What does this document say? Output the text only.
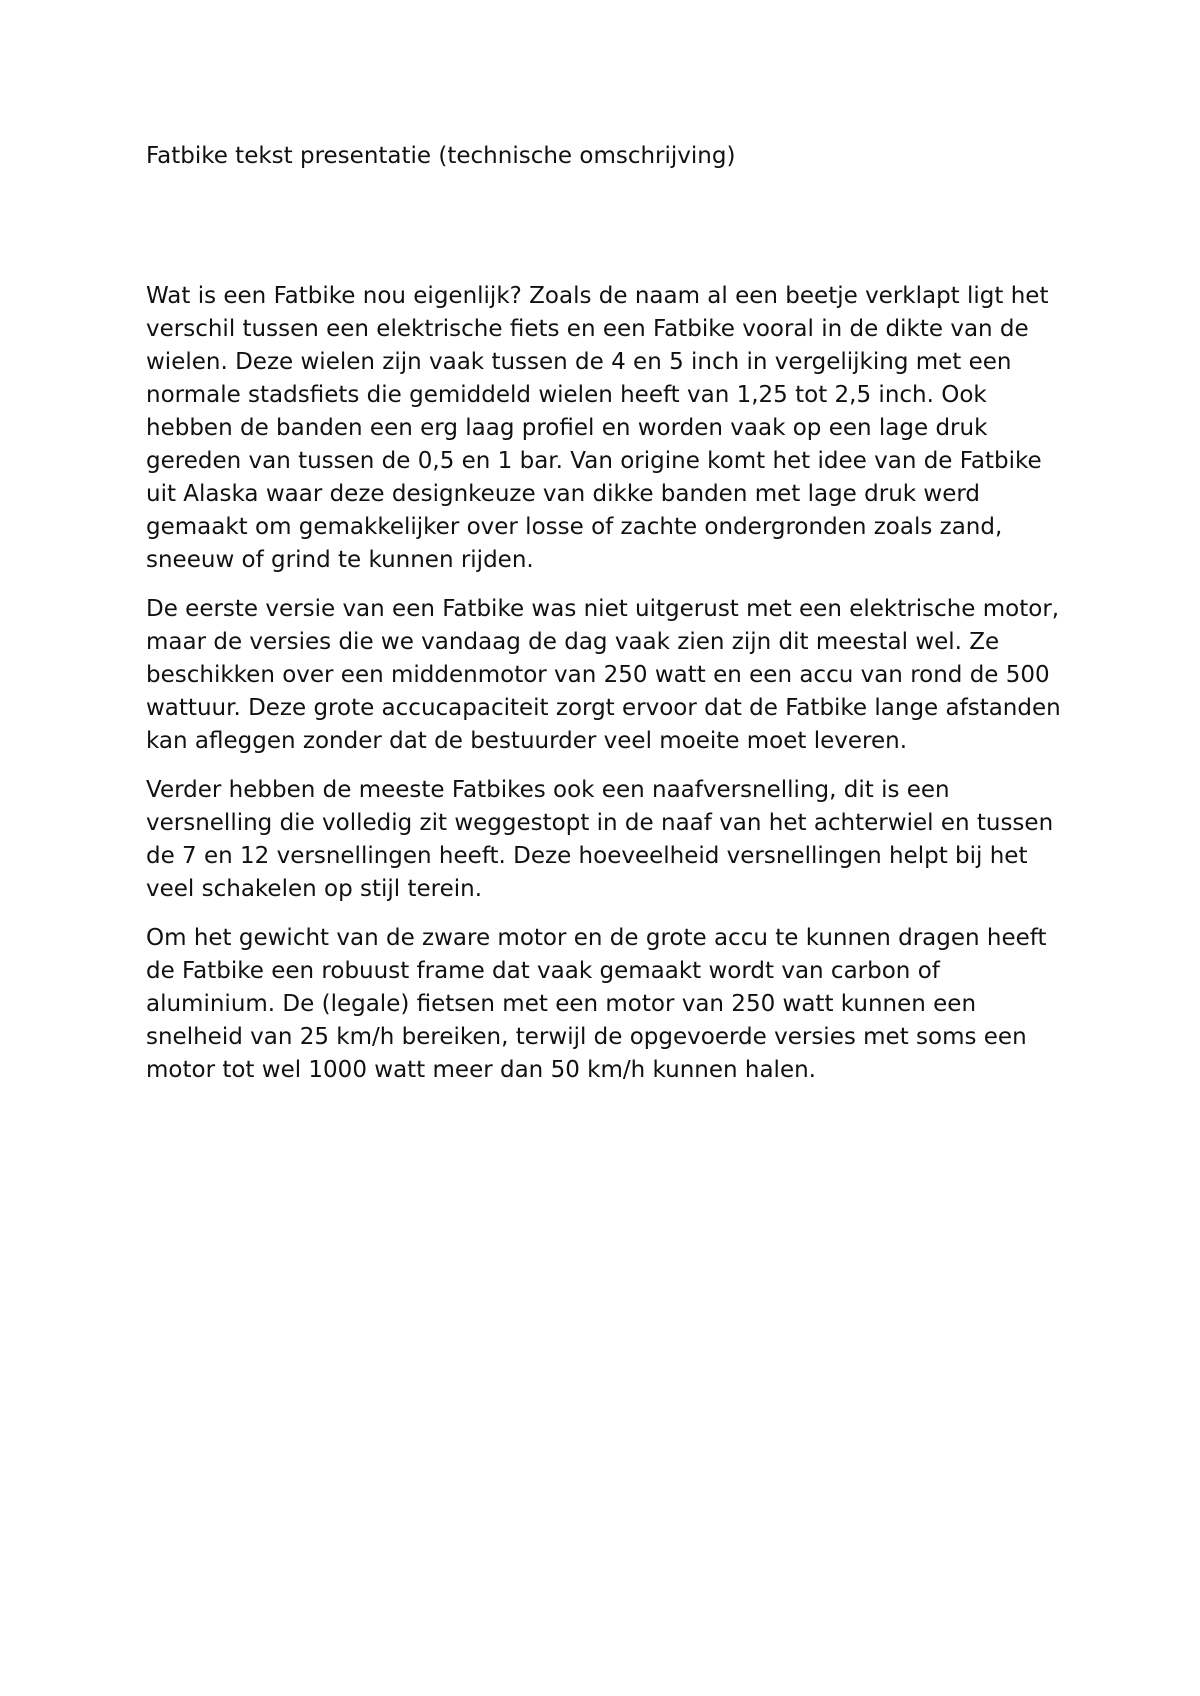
Fatbike tekst presentatie (technische omschrijving)

Wat is een Fatbike nou eigenlijk? Zoals de naam al een beetje verklapt ligt het verschil tussen een elektrische fiets en een Fatbike vooral in de dikte van de wielen. Deze wielen zijn vaak tussen de 4 en 5 inch in vergelijking met een normale stadsfiets die gemiddeld wielen heeft van 1,25 tot 2,5 inch. Ook hebben de banden een erg laag profiel en worden vaak op een lage druk gereden van tussen de 0,5 en 1 bar. Van origine komt het idee van de Fatbike uit Alaska waar deze designkeuze van dikke banden met lage druk werd gemaakt om gemakkelijker over losse of zachte ondergronden zoals zand, sneeuw of grind te kunnen rijden.

De eerste versie van een Fatbike was niet uitgerust met een elektrische motor, maar de versies die we vandaag de dag vaak zien zijn dit meestal wel. Ze beschikken over een middenmotor van 250 watt en een accu van rond de 500 wattuur. Deze grote accucapaciteit zorgt ervoor dat de Fatbike lange afstanden kan afleggen zonder dat de bestuurder veel moeite moet leveren.

Verder hebben de meeste Fatbikes ook een naafversnelling, dit is een versnelling die volledig zit weggestopt in de naaf van het achterwiel en tussen de 7 en 12 versnellingen heeft. Deze hoeveelheid versnellingen helpt bij het veel schakelen op stijl terein.

Om het gewicht van de zware motor en de grote accu te kunnen dragen heeft de Fatbike een robuust frame dat vaak gemaakt wordt van carbon of aluminium. De (legale) fietsen met een motor van 250 watt kunnen een snelheid van 25 km/h bereiken, terwijl de opgevoerde versies met soms een motor tot wel 1000 watt meer dan 50 km/h kunnen halen.
